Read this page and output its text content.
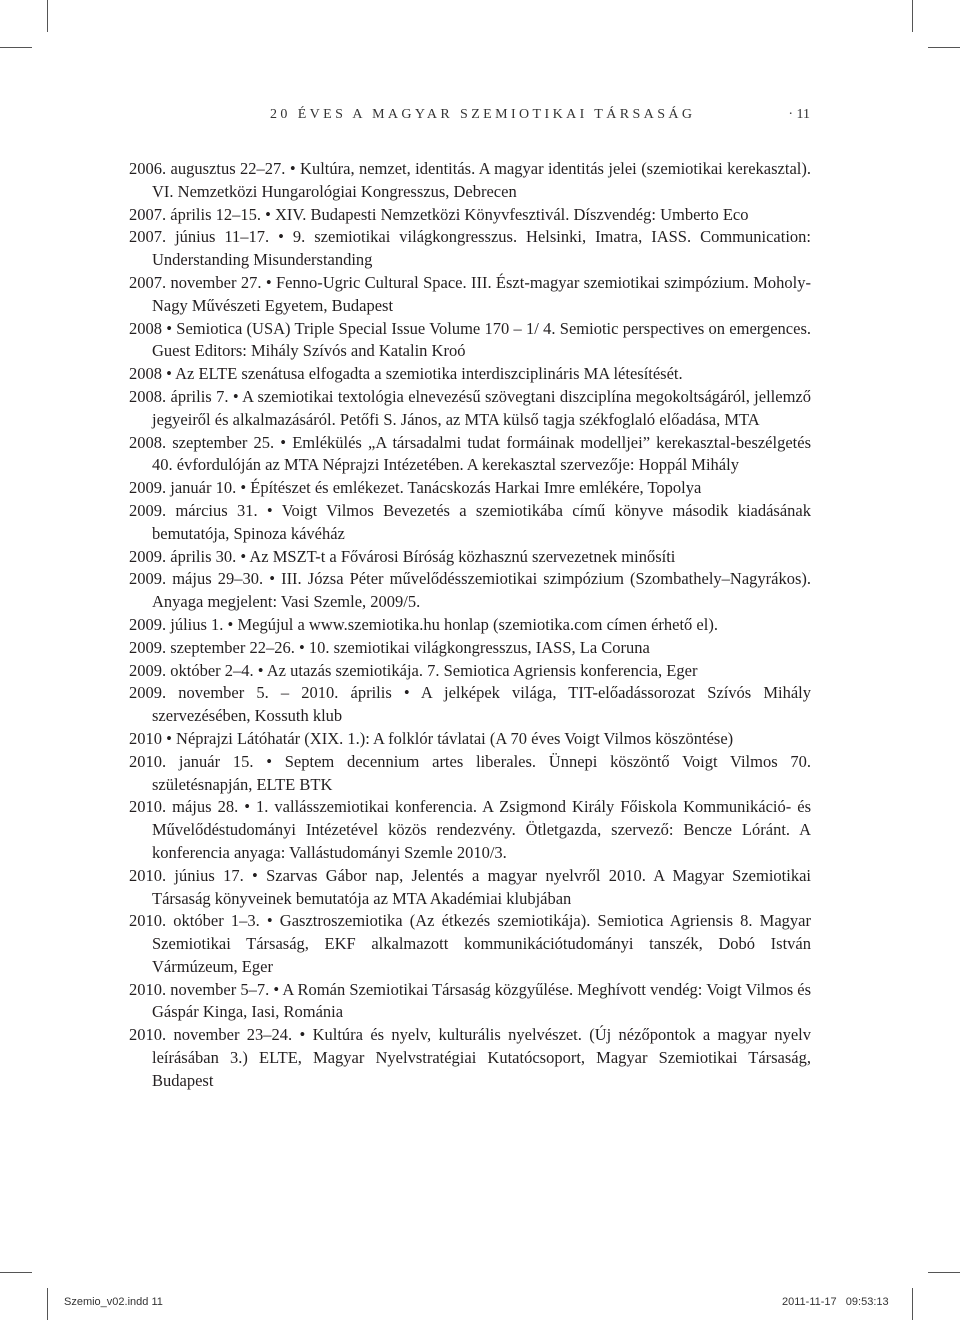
20 ÉVES A MAGYAR SZEMIOTIKAI TÁRSASÁG	· 11
2006. augusztus 22–27. • Kultúra, nemzet, identitás. A magyar identitás jelei (szemiotikai kerekasztal). VI. Nemzetközi Hungarológiai Kongresszus, Debrecen
2007. április 12–15. • XIV. Budapesti Nemzetközi Könyvfesztivál. Díszvendég: Umberto Eco
2007. június 11–17. • 9. szemiotikai világkongresszus. Helsinki, Imatra, IASS. Communication: Understanding Misunderstanding
2007. november 27. • Fenno-Ugric Cultural Space. III. Észt-magyar szemiotikai szimpózium. Moholy-Nagy Művészeti Egyetem, Budapest
2008 • Semiotica (USA) Triple Special Issue Volume 170 – 1/ 4. Semiotic perspectives on emergences. Guest Editors: Mihály Szívós and Katalin Kroó
2008 • Az ELTE szenátusa elfogadta a szemiotika interdiszciplináris MA létesítését.
2008. április 7. • A szemiotikai textológia elnevezésű szövegtani diszciplína megokoltságáról, jellemző jegyeiről és alkalmazásáról. Petőfi S. János, az MTA külső tagja székfoglaló előadása, MTA
2008. szeptember 25. • Emlékülés „A társadalmi tudat formáinak modelljei” kerekasztal-beszélgetés 40. évfordulóján az MTA Néprajzi Intézetében. A kerekasztal szervezője: Hoppál Mihály
2009. január 10. • Építészet és emlékezet. Tanácskozás Harkai Imre emlékére, Topolya
2009. március 31. • Voigt Vilmos Bevezetés a szemiotikába című könyve második kiadásának bemutatója, Spinoza kávéház
2009. április 30. • Az MSZT-t a Fővárosi Bíróság közhasznú szervezetnek minősíti
2009. május 29–30. • III. Józsa Péter művelődésszemiotikai szimpózium (Szombathely–Nagyrákos). Anyaga megjelent: Vasi Szemle, 2009/5.
2009. július 1. • Megújul a www.szemiotika.hu honlap (szemiotika.com címen érhető el).
2009. szeptember 22–26. • 10. szemiotikai világkongresszus, IASS, La Coruna
2009. október 2–4. • Az utazás szemiotikája. 7. Semiotica Agriensis konferencia, Eger
2009. november 5. – 2010. április • A jelképek világa, TIT-előadássorozat Szívós Mihály szervezésében, Kossuth klub
2010 • Néprajzi Látóhatár (XIX. 1.): A folklór távlatai (A 70 éves Voigt Vilmos köszöntése)
2010. január 15. • Septem decennium artes liberales. Ünnepi köszöntő Voigt Vilmos 70. születésnapján, ELTE BTK
2010. május 28. • 1. vallásszemiotikai konferencia. A Zsigmond Király Főiskola Kommunikáció- és Művelődéstudományi Intézetével közös rendezvény. Ötletgazda, szervező: Bencze Lóránt. A konferencia anyaga: Vallástudományi Szemle 2010/3.
2010. június 17. • Szarvas Gábor nap, Jelentés a magyar nyelvről 2010. A Magyar Szemiotikai Társaság könyveinek bemutatója az MTA Akadémiai klubjában
2010. október 1–3. • Gasztroszemiotika (Az étkezés szemiotikája). Semiotica Agriensis 8. Magyar Szemiotikai Társaság, EKF alkalmazott kommunikációtudományi tanszék, Dobó István Vármúzeum, Eger
2010. november 5–7. • A Román Szemiotikai Társaság közgyűlése. Meghívott vendég: Voigt Vilmos és Gáspár Kinga, Iasi, Románia
2010. november 23–24. • Kultúra és nyelv, kulturális nyelvészet. (Új nézőpontok a magyar nyelv leírásában 3.) ELTE, Magyar Nyelvstratégiai Kutatócsoport, Magyar Szemiotikai Társaság, Budapest
Szemio_v02.indd 11	2011-11-17   09:53:13
